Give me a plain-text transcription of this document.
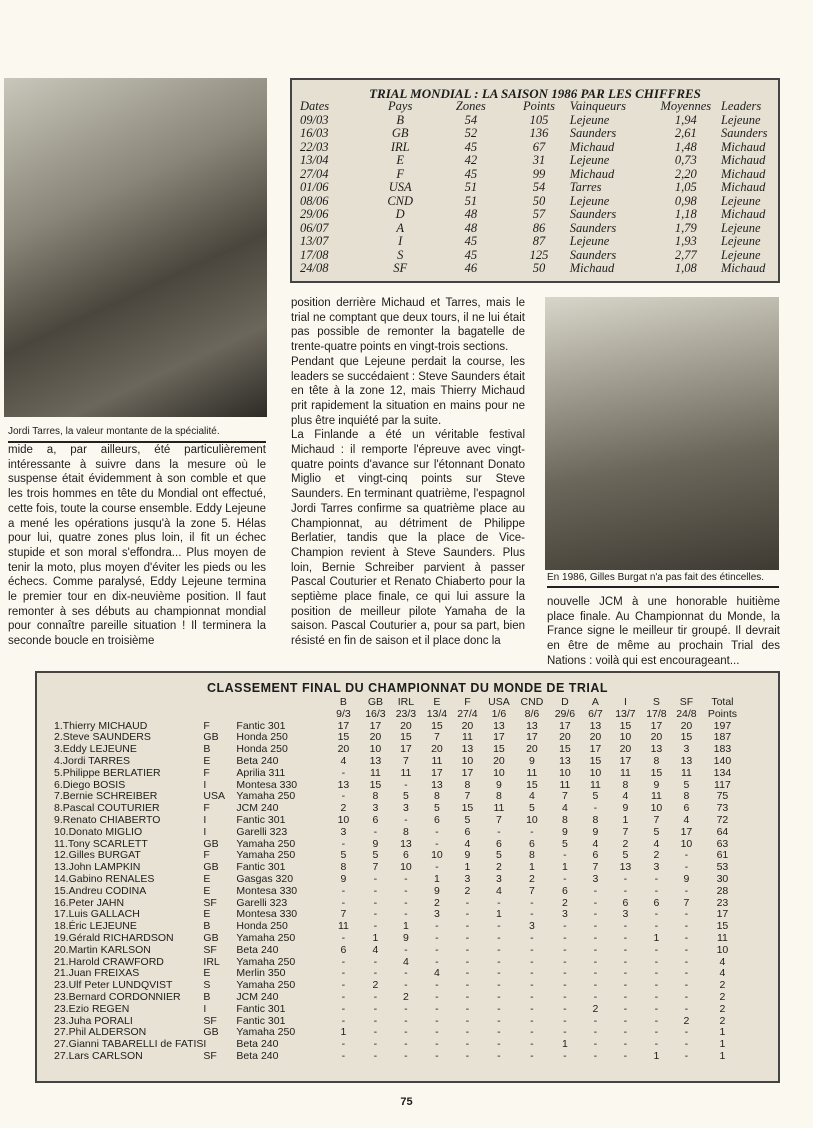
Jordi Tarres, la valeur montante de la spécialité.
TRIAL MONDIAL : LA SAISON 1986 PAR LES CHIFFRES
Dates	Pays	Zones	Points	Vainqueurs	Moyennes	Leaders
09/03	B	54	105	Lejeune	1,94	Lejeune
16/03	GB	52	136	Saunders	2,61	Saunders
22/03	IRL	45	67	Michaud	1,48	Michaud
13/04	E	42	31	Lejeune	0,73	Michaud
27/04	F	45	99	Michaud	2,20	Michaud
01/06	USA	51	54	Tarres	1,05	Michaud
08/06	CND	51	50	Lejeune	0,98	Lejeune
29/06	D	48	57	Saunders	1,18	Michaud
06/07	A	48	86	Saunders	1,79	Lejeune
13/07	I	45	87	Lejeune	1,93	Lejeune
17/08	S	45	125	Saunders	2,77	Lejeune
24/08	SF	46	50	Michaud	1,08	Michaud
En 1986, Gilles Burgat n'a pas fait des étincelles.

mide a, par ailleurs, été particulièrement intéressante à suivre dans la mesure où le suspense était évidemment à son comble et que les trois hommes en tête du Mondial ont effectué, cette fois, toute la course ensemble. Eddy Lejeune a mené les opérations jusqu'à la zone 5. Hélas pour lui, quatre zones plus loin, il fit un échec stupide et son moral s'effondra... Plus moyen de tenir la moto, plus moyen d'éviter les pieds ou les échecs. Comme paralysé, Eddy Lejeune termina le premier tour en dix-neuvième position. Il faut remonter à ses débuts au championnat mondial pour connaître pareille situation ! Il terminera la seconde boucle en troisième

position derrière Michaud et Tarres, mais le trial ne comptant que deux tours, il ne lui était pas possible de remonter la bagatelle de trente-quatre points en vingt-trois sections.

Pendant que Lejeune perdait la course, les leaders se succédaient : Steve Saunders était en tête à la zone 12, mais Thierry Michaud prit rapidement la situation en mains pour ne plus être inquiété par la suite.

La Finlande a été un véritable festival Michaud : il remporte l'épreuve avec vingt-quatre points d'avance sur l'étonnant Donato Miglio et vingt-cinq points sur Steve Saunders. En terminant quatrième, l'espagnol Jordi Tarres confirme sa quatrième place au Championnat, au détriment de Philippe Berlatier, tandis que la place de Vice-Champion revient à Steve Saunders. Plus loin, Bernie Schreiber parvient à passer Pascal Couturier et Renato Chiaberto pour la septième place finale, ce qui lui assure la position de meilleur pilote Yamaha de la saison. Pascal Couturier a, pour sa part, bien résisté en fin de saison et il place donc la

nouvelle JCM à une honorable huitième place finale. Au Championnat du Monde, la France signe le meilleur tir groupé. Il devrait en être de même au prochain Trial des Nations : voilà qui est encourageant...

CLASSEMENT FINAL DU CHAMPIONNAT DU MONDE DE TRIAL
			B	GB	IRL	E	F	USA	CND	D	A	I	S	SF	Total
			9/3	16/3	23/3	13/4	27/4	1/6	8/6	29/6	6/7	13/7	17/8	24/8	Points
1.Thierry MICHAUD	F	Fantic 301	17	17	20	15	20	13	13	17	13	15	17	20	197
2.Steve SAUNDERS	GB	Honda 250	15	20	15	7	11	17	17	20	20	10	20	15	187
3.Eddy LEJEUNE	B	Honda 250	20	10	17	20	13	15	20	15	17	20	13	3	183
4.Jordi TARRES	E	Beta 240	4	13	7	11	10	20	9	13	15	17	8	13	140
5.Philippe BERLATIER	F	Aprilia 311	-	11	11	17	17	10	11	10	10	11	15	11	134
6.Diego BOSIS	I	Montesa 330	13	15	-	13	8	9	15	11	11	8	9	5	117
7.Bernie SCHREIBER	USA	Yamaha 250	-	8	5	8	7	8	4	7	5	4	11	8	75
8.Pascal COUTURIER	F	JCM 240	2	3	3	5	15	11	5	4	-	9	10	6	73
9.Renato CHIABERTO	I	Fantic 301	10	6	-	6	5	7	10	8	8	1	7	4	72
10.Donato MIGLIO	I	Garelli 323	3	-	8	-	6	-	-	9	9	7	5	17	64
11.Tony SCARLETT	GB	Yamaha 250	-	9	13	-	4	6	6	5	4	2	4	10	63
12.Gilles BURGAT	F	Yamaha 250	5	5	6	10	9	5	8	-	6	5	2	-	61
13.John LAMPKIN	GB	Fantic 301	8	7	10	-	1	2	1	1	7	13	3	-	53
14.Gabino RENALES	E	Gasgas 320	9	-	-	1	3	3	2	-	3	-	-	9	30
15.Andreu CODINA	E	Montesa 330	-	-	-	9	2	4	7	6	-	-	-	-	28
16.Peter JAHN	SF	Garelli 323	-	-	-	2	-	-	-	2	-	6	6	7	23
17.Luis GALLACH	E	Montesa 330	7	-	-	3	-	1	-	3	-	3	-	-	17
18.Éric LEJEUNE	B	Honda 250	11	-	1	-	-	-	3	-	-	-	-	-	15
19.Gérald RICHARDSON	GB	Yamaha 250	-	1	9	-	-	-	-	-	-	-	1	-	11
20.Martin KARLSON	SF	Beta 240	6	4	-	-	-	-	-	-	-	-	-	-	10
21.Harold CRAWFORD	IRL	Yamaha 250	-	-	4	-	-	-	-	-	-	-	-	-	4
21.Juan FREIXAS	E	Merlin 350	-	-	-	4	-	-	-	-	-	-	-	-	4
23.Ulf Peter LUNDQVIST	S	Yamaha 250	-	2	-	-	-	-	-	-	-	-	-	-	2
23.Bernard CORDONNIER	B	JCM 240	-	-	2	-	-	-	-	-	-	-	-	-	2
23.Ezio REGEN	I	Fantic 301	-	-	-	-	-	-	-	-	2	-	-	-	2
23.Juha PORALI	SF	Fantic 301	-	-	-	-	-	-	-	-	-	-	-	2	2
27.Phil ALDERSON	GB	Yamaha 250	1	-	-	-	-	-	-	-	-	-	-	-	1
27.Gianni TABARELLI de FATIS	I	Beta 240	-	-	-	-	-	-	-	1	-	-	-	-	1
27.Lars CARLSON	SF	Beta 240	-	-	-	-	-	-	-	-	-	-	1	-	1
75
